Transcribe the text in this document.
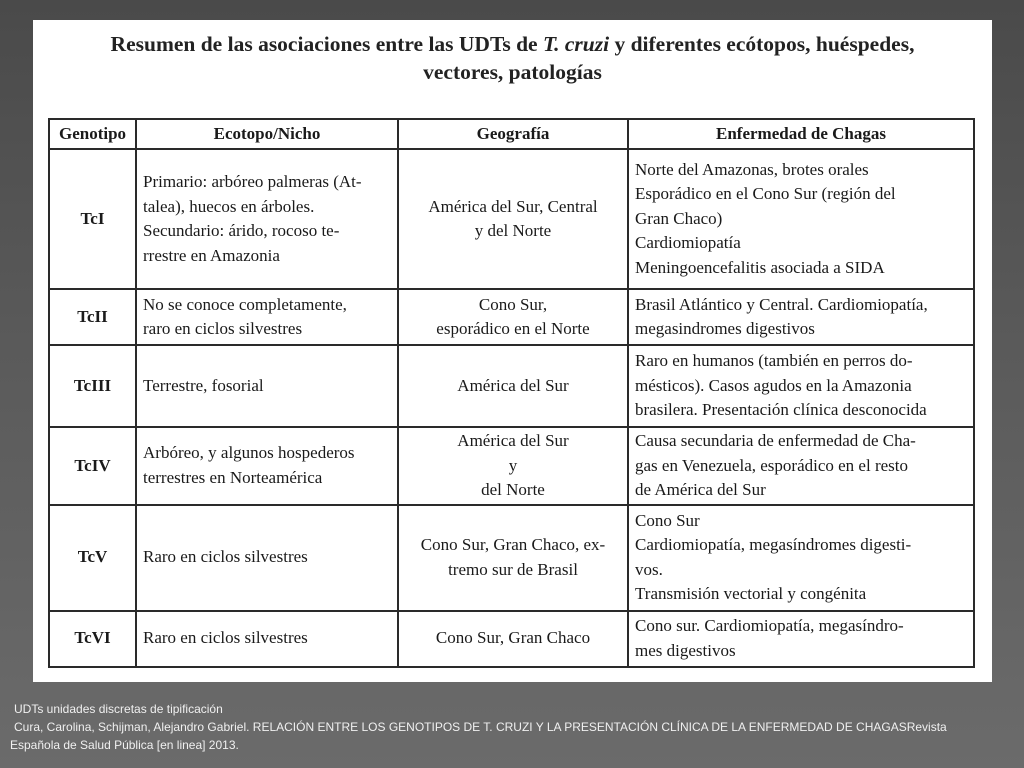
Resumen de las asociaciones entre las UDTs de T. cruzi y diferentes ecótopos, huéspedes,
vectores, patologías
Genotipo	Ecotopo/Nicho	Geografía	Enfermedad de Chagas
TcI	Primario: arbóreo palmeras (At-
talea), huecos en árboles.
Secundario: árido, rocoso te-
rrestre en Amazonia	América del Sur, Central
y del Norte	Norte del Amazonas, brotes orales
Esporádico en el Cono Sur (región del
Gran Chaco)
Cardiomiopatía
Meningoencefalitis asociada a SIDA

TcII	No se conoce completamente,
raro en ciclos silvestres	Cono Sur,
esporádico en el Norte	Brasil Atlántico y Central. Cardiomiopatía,
megasindromes digestivos

TcIII	Terrestre, fosorial	América del Sur	Raro en humanos (también en perros do-
mésticos). Casos agudos en la Amazonia
brasilera. Presentación clínica desconocida

TcIV	Arbóreo, y algunos hospederos
terrestres en Norteamérica	América del Sur
y
del Norte	Causa secundaria de enfermedad de Cha-
gas en Venezuela, esporádico en el resto
de América del Sur

TcV	Raro en ciclos silvestres	Cono Sur, Gran Chaco, ex-
tremo sur de Brasil	Cono Sur
Cardiomiopatía, megasíndromes digesti-
vos.
Transmisión vectorial y congénita

TcVI	Raro en ciclos silvestres	Cono Sur, Gran Chaco	Cono sur. Cardiomiopatía, megasíndro-
mes digestivos
UDTs unidades discretas de tipificación
Cura, Carolina, Schijman, Alejandro Gabriel. RELACIÓN ENTRE LOS GENOTIPOS DE T. CRUZI Y LA PRESENTACIÓN CLÍNICA DE LA ENFERMEDAD DE CHAGASRevista
Española de Salud Pública [en linea] 2013.
